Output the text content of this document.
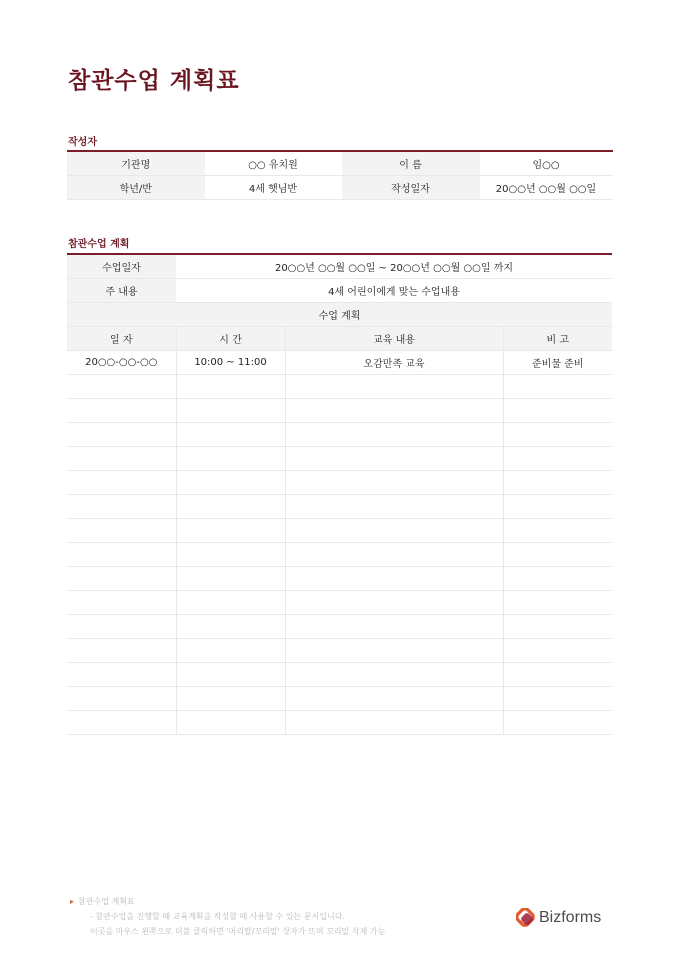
참관수업 계획표
작성자
기관명	○○ 유치원	이 름	임○○
학년/반	4세 햇님반	작성일자	20○○년 ○○월 ○○일
참관수업 계획
수업일자	20○○년 ○○월 ○○일 ~ 20○○년 ○○월 ○○일 까지		
주 내용	4세 어린이에게 맞는 수업내용		
수업 계획			
일 자	시 간	교육 내용	비 고
20○○-○○-○○	10:00 ~ 11:00	오감만족 교육	준비물 준비

▸ 참관수업 계획표
- 참관수업을 진행할 때 교육계획을 작성할 때 사용할 수 있는 문서입니다.
이곳을 마우스 왼쪽으로 더블 클릭하면 '머리말/꼬리말' 상자가 뜨며 꼬리말 삭제 가능
Bizforms
